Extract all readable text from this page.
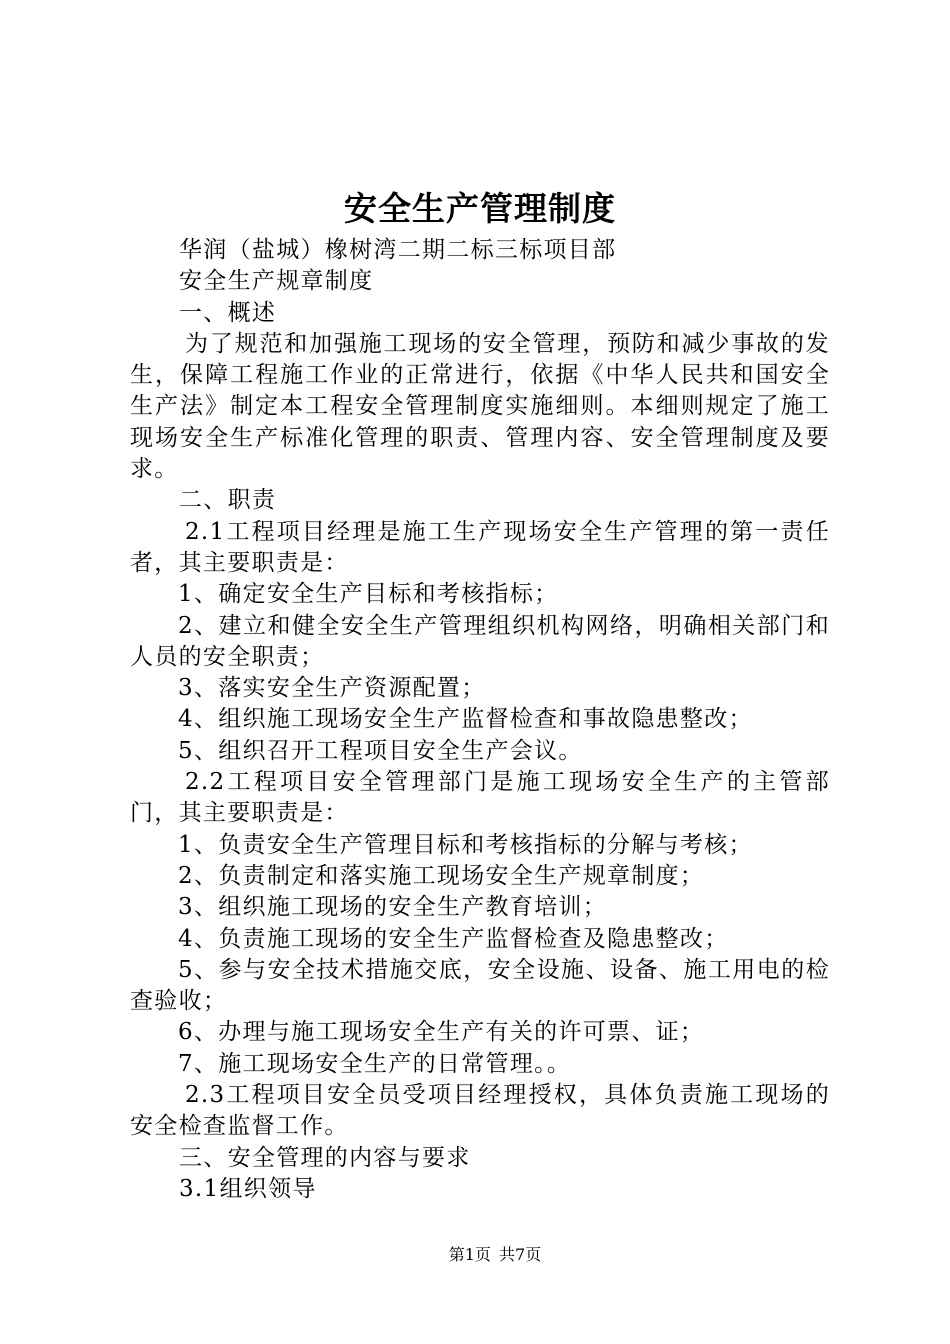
安全生产管理制度

华润（盐城）橡树湾二期二标三标项目部

安全生产规章制度

一、概述

为了规范和加强施工现场的安全管理，预防和减少事故的发生，保障工程施工作业的正常进行，依据《中华人民共和国安全生产法》制定本工程安全管理制度实施细则。本细则规定了施工现场安全生产标准化管理的职责、管理内容、安全管理制度及要求。

二、职责

2.1工程项目经理是施工生产现场安全生产管理的第一责任者，其主要职责是：

1、确定安全生产目标和考核指标；

2、建立和健全安全生产管理组织机构网络，明确相关部门和人员的安全职责；

3、落实安全生产资源配置；

4、组织施工现场安全生产监督检查和事故隐患整改；

5、组织召开工程项目安全生产会议。

2.2工程项目安全管理部门是施工现场安全生产的主管部门，其主要职责是：

1、负责安全生产管理目标和考核指标的分解与考核；

2、负责制定和落实施工现场安全生产规章制度；

3、组织施工现场的安全生产教育培训；

4、负责施工现场的安全生产监督检查及隐患整改；

5、参与安全技术措施交底，安全设施、设备、施工用电的检查验收；

6、办理与施工现场安全生产有关的许可票、证；

7、施工现场安全生产的日常管理。。

2.3工程项目安全员受项目经理授权，具体负责施工现场的安全检查监督工作。

三、安全管理的内容与要求

3.1组织领导

第1页 共7页
